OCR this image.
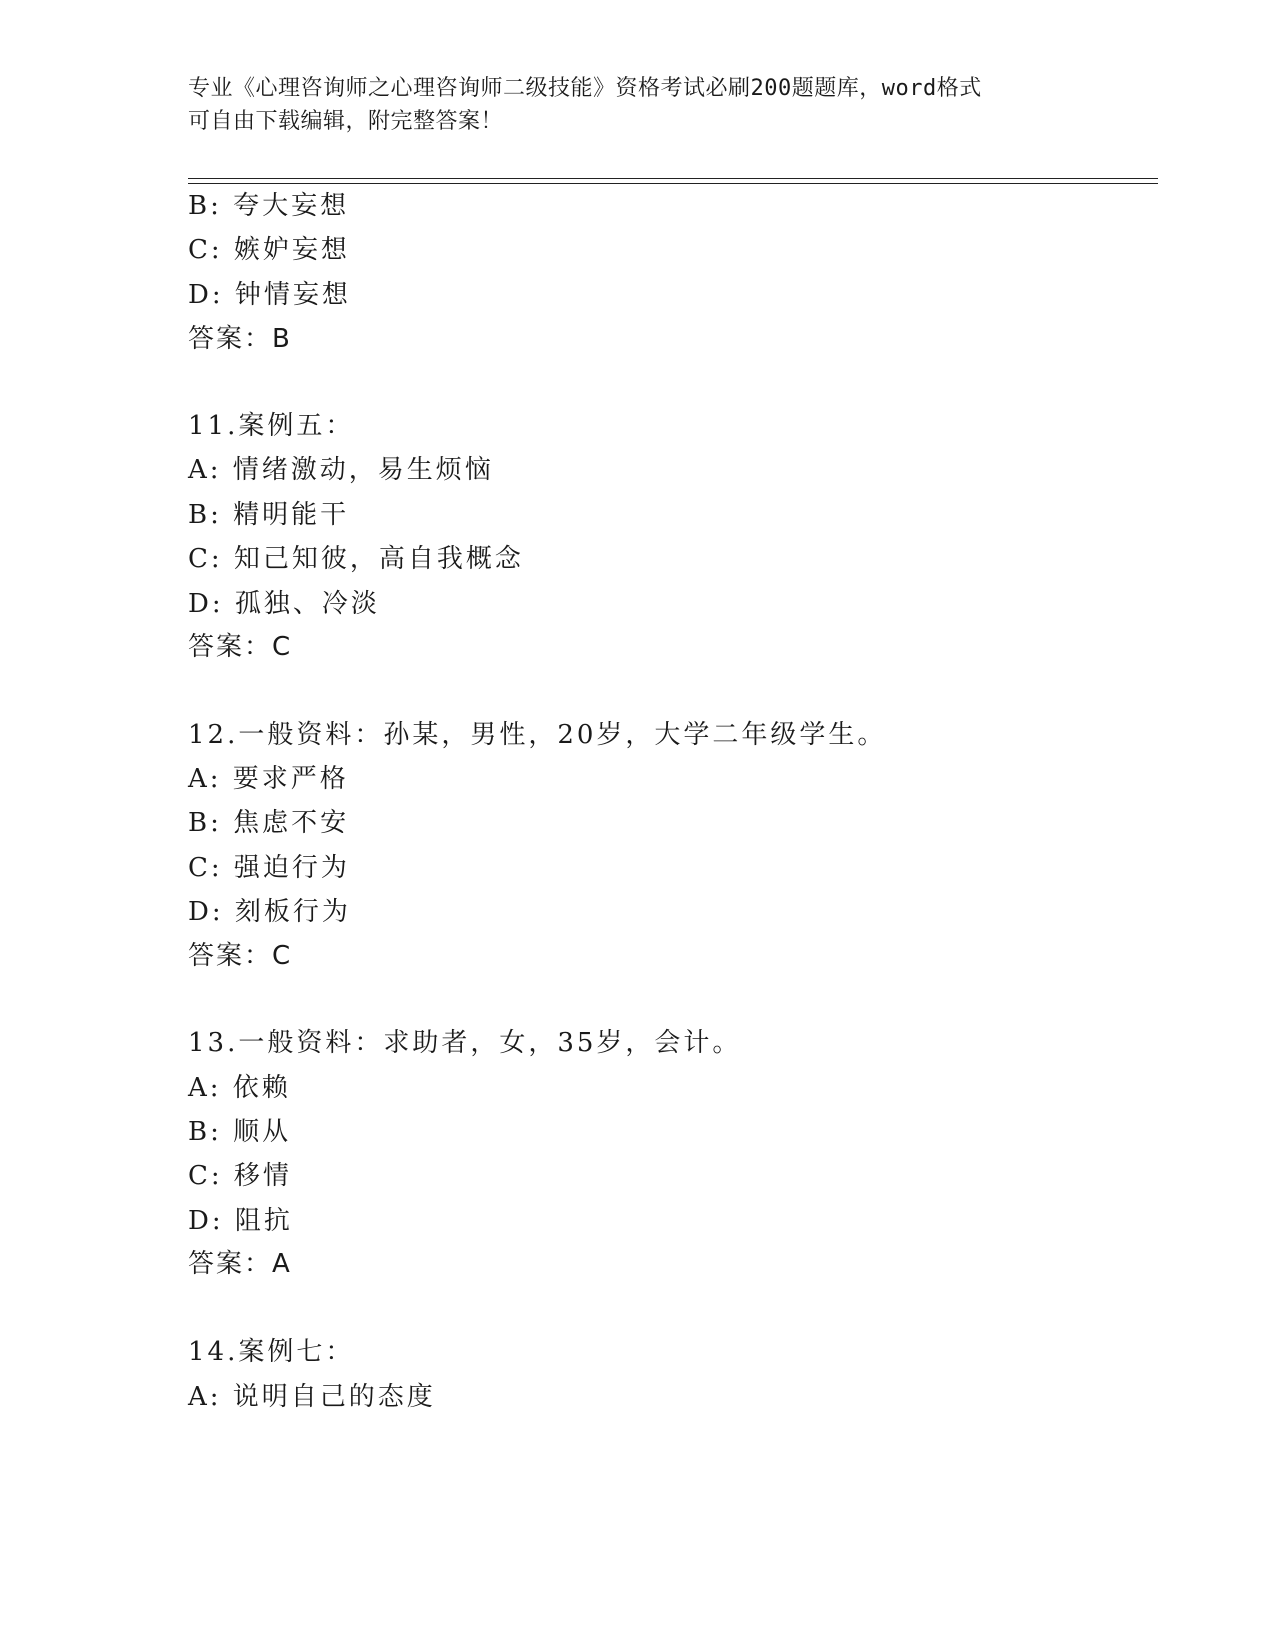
专业《心理咨询师之心理咨询师二级技能》资格考试必刷200题题库，word格式
可自由下载编辑，附完整答案！
B: 夸大妄想
C: 嫉妒妄想
D: 钟情妄想
答案：B
11.案例五：
A: 情绪激动，易生烦恼
B: 精明能干
C: 知己知彼，高自我概念
D: 孤独、冷淡
答案：C
12.一般资料：孙某，男性，20岁，大学二年级学生。
A: 要求严格
B: 焦虑不安
C: 强迫行为
D: 刻板行为
答案：C
13.一般资料：求助者，女，35岁，会计。
A: 依赖
B: 顺从
C: 移情
D: 阻抗
答案：A
14.案例七：
A: 说明自己的态度
